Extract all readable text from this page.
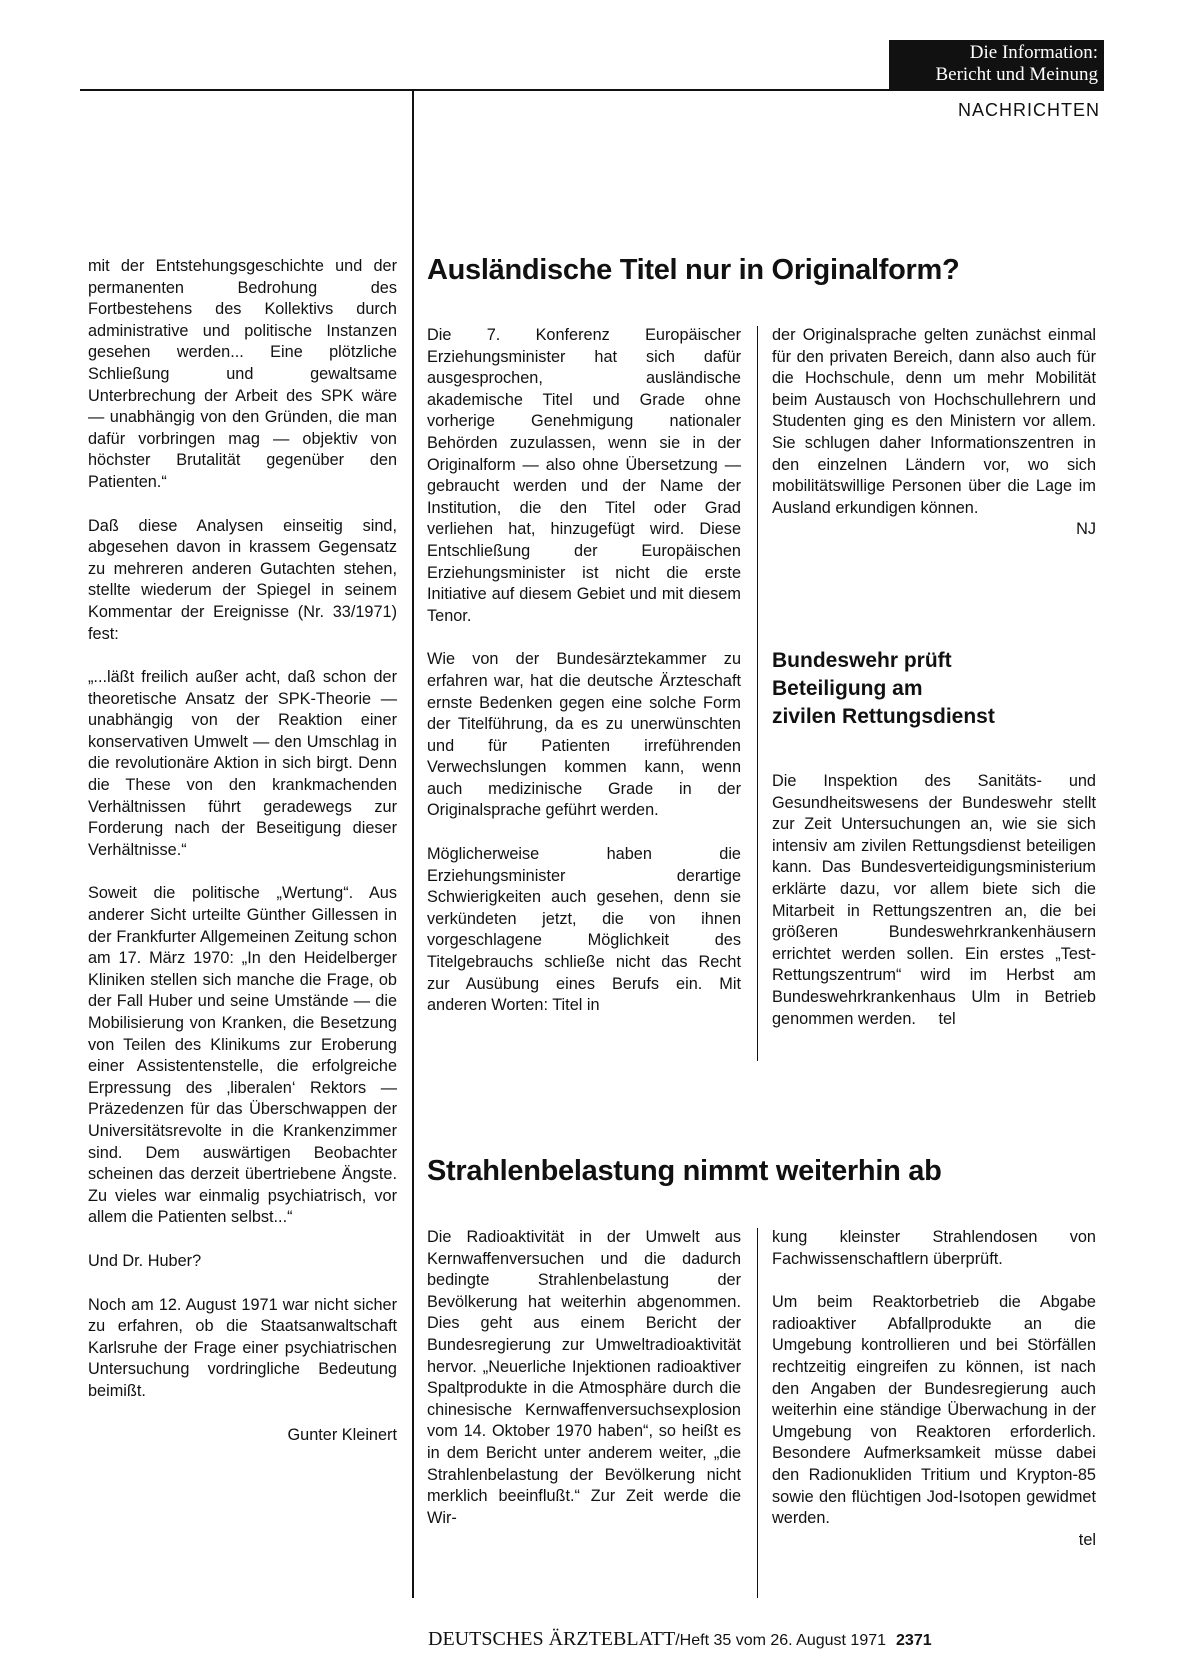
Die Information:
Bericht und Meinung
NACHRICHTEN

mit der Entstehungsgeschichte und der permanenten Bedrohung des Fortbestehens des Kollektivs durch administrative und politische Instanzen gesehen werden... Eine plötzliche Schließung und gewaltsame Unterbrechung der Arbeit des SPK wäre — unabhängig von den Gründen, die man dafür vorbringen mag — objektiv von höchster Brutalität gegenüber den Patienten.“

Daß diese Analysen einseitig sind, abgesehen davon in krassem Gegensatz zu mehreren anderen Gutachten stehen, stellte wiederum der Spiegel in seinem Kommentar der Ereignisse (Nr. 33/1971) fest:

„...läßt freilich außer acht, daß schon der theoretische Ansatz der SPK-Theorie — unabhängig von der Reaktion einer konservativen Umwelt — den Umschlag in die revolutionäre Aktion in sich birgt. Denn die These von den krankmachenden Verhältnissen führt geradewegs zur Forderung nach der Beseitigung dieser Verhältnisse.“

Soweit die politische „Wertung“. Aus anderer Sicht urteilte Günther Gillessen in der Frankfurter Allgemeinen Zeitung schon am 17. März 1970: „In den Heidelberger Kliniken stellen sich manche die Frage, ob der Fall Huber und seine Umstände — die Mobilisierung von Kranken, die Besetzung von Teilen des Klinikums zur Eroberung einer Assistentenstelle, die erfolgreiche Erpressung des ‚liberalen‘ Rektors — Präzedenzen für das Überschwappen der Universitätsrevolte in die Krankenzimmer sind. Dem auswärtigen Beobachter scheinen das derzeit übertriebene Ängste. Zu vieles war einmalig psychiatrisch, vor allem die Patienten selbst...“

Und Dr. Huber?

Noch am 12. August 1971 war nicht sicher zu erfahren, ob die Staatsanwaltschaft Karlsruhe der Frage einer psychiatrischen Untersuchung vordringliche Bedeutung beimißt.

Gunter Kleinert
Ausländische Titel nur in Originalform?

Die 7. Konferenz Europäischer Erziehungsminister hat sich dafür ausgesprochen, ausländische akademische Titel und Grade ohne vorherige Genehmigung nationaler Behörden zuzulassen, wenn sie in der Originalform — also ohne Übersetzung — gebraucht werden und der Name der Institution, die den Titel oder Grad verliehen hat, hinzugefügt wird. Diese Entschließung der Europäischen Erziehungsminister ist nicht die erste Initiative auf diesem Gebiet und mit diesem Tenor.

Wie von der Bundesärztekammer zu erfahren war, hat die deutsche Ärzteschaft ernste Bedenken gegen eine solche Form der Titelführung, da es zu unerwünschten und für Patienten irreführenden Verwechslungen kommen kann, wenn auch medizinische Grade in der Originalsprache geführt werden.

Möglicherweise haben die Erziehungsminister derartige Schwierigkeiten auch gesehen, denn sie verkündeten jetzt, die von ihnen vorgeschlagene Möglichkeit des Titelgebrauchs schließe nicht das Recht zur Ausübung eines Berufs ein. Mit anderen Worten: Titel in

der Originalsprache gelten zunächst einmal für den privaten Bereich, dann also auch für die Hochschule, denn um mehr Mobilität beim Austausch von Hochschullehrern und Studenten ging es den Ministern vor allem. Sie schlugen daher Informationszentren in den einzelnen Ländern vor, wo sich mobilitätswillige Personen über die Lage im Ausland erkundigen können.

NJ
Bundeswehr prüft
Beteiligung am
zivilen Rettungsdienst
Die Inspektion des Sanitäts- und Gesundheitswesens der Bundeswehr stellt zur Zeit Untersuchungen an, wie sie sich intensiv am zivilen Rettungsdienst beteiligen kann. Das Bundesverteidigungsministerium erklärte dazu, vor allem biete sich die Mitarbeit in Rettungszentren an, die bei größeren Bundeswehrkrankenhäusern errichtet werden sollen. Ein erstes „Test-Rettungszentrum“ wird im Herbst am Bundeswehrkrankenhaus Ulm in Betrieb genommen werden. tel
Strahlenbelastung nimmt weiterhin ab

Die Radioaktivität in der Umwelt aus Kernwaffenversuchen und die dadurch bedingte Strahlenbelastung der Bevölkerung hat weiterhin abgenommen. Dies geht aus einem Bericht der Bundesregierung zur Umweltradioaktivität hervor. „Neuerliche Injektionen radioaktiver Spaltprodukte in die Atmosphäre durch die chinesische Kernwaffenversuchsexplosion vom 14. Oktober 1970 haben“, so heißt es in dem Bericht unter anderem weiter, „die Strahlenbelastung der Bevölkerung nicht merklich beeinflußt.“ Zur Zeit werde die Wir-

kung kleinster Strahlendosen von Fachwissenschaftlern überprüft.

Um beim Reaktorbetrieb die Abgabe radioaktiver Abfallprodukte an die Umgebung kontrollieren und bei Störfällen rechtzeitig eingreifen zu können, ist nach den Angaben der Bundesregierung auch weiterhin eine ständige Überwachung in der Umgebung von Reaktoren erforderlich. Besondere Aufmerksamkeit müsse dabei den Radionukliden Tritium und Krypton-85 sowie den flüchtigen Jod-Isotopen gewidmet werden.

tel
DEUTSCHES ÄRZTEBLATT/Heft 35 vom 26. August 1971 2371
